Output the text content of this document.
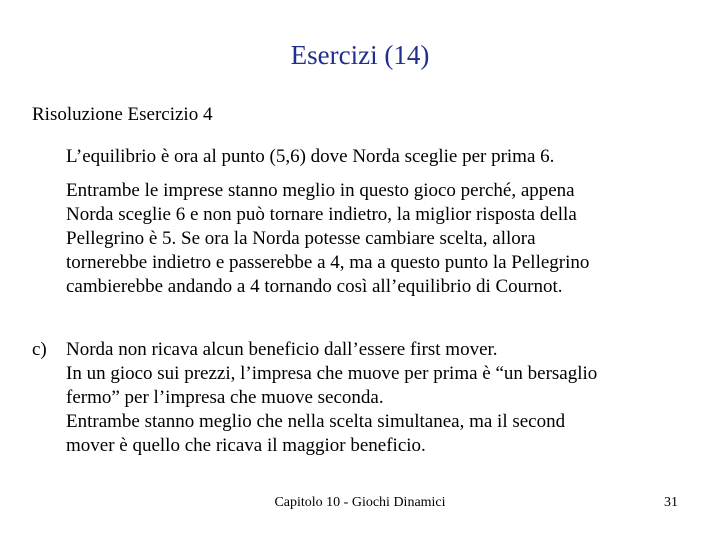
Esercizi (14)
Risoluzione Esercizio 4
L’equilibrio è ora al punto (5,6) dove Norda sceglie per prima 6.
Entrambe le imprese stanno meglio in questo gioco perché, appena
Norda sceglie 6 e non può tornare indietro, la miglior risposta della
Pellegrino è 5. Se ora la Norda potesse cambiare scelta, allora
tornerebbe indietro e passerebbe a 4, ma a questo punto la Pellegrino
cambierebbe andando a 4 tornando così all’equilibrio di Cournot.
c) Norda non ricava alcun beneficio dall’essere first mover.
In un gioco sui prezzi, l’impresa che muove per prima è “un bersaglio
fermo” per l’impresa che muove seconda.
Entrambe stanno meglio che nella scelta simultanea, ma il second
mover è quello che ricava il maggior beneficio.
Capitolo 10 - Giochi Dinamici	31
